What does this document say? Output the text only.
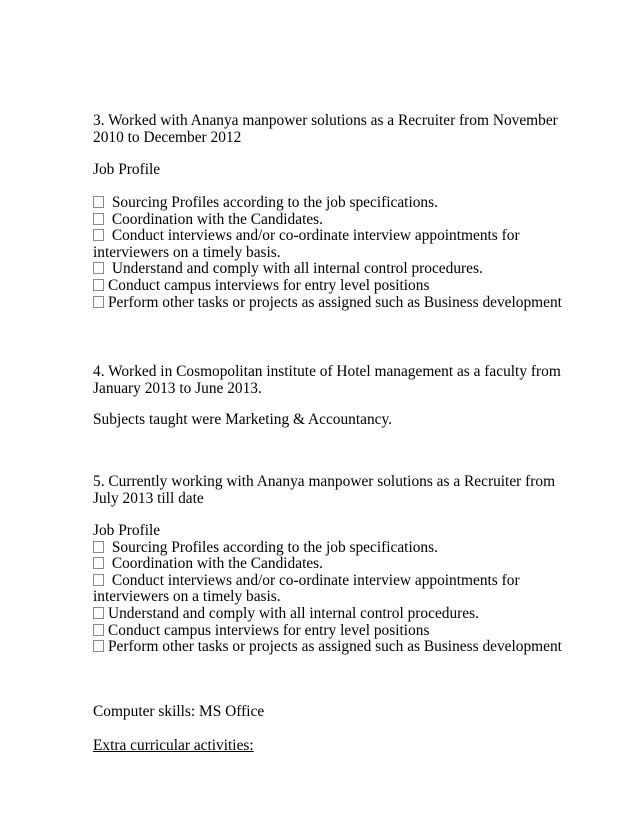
3. Worked with Ananya manpower solutions as a Recruiter from November
2010 to December 2012
Job Profile
Sourcing Profiles according to the job specifications.
Coordination with the Candidates.
Conduct interviews and/or co-ordinate interview appointments for
interviewers on a timely basis.
Understand and comply with all internal control procedures.
Conduct campus interviews for entry level positions
Perform other tasks or projects as assigned such as Business development
4. Worked in Cosmopolitan institute of Hotel management as a faculty from
January 2013 to June 2013.
Subjects taught were Marketing & Accountancy.
5. Currently working with Ananya manpower solutions as a Recruiter from
July 2013 till date
Job Profile
Sourcing Profiles according to the job specifications.
Coordination with the Candidates.
Conduct interviews and/or co-ordinate interview appointments for
interviewers on a timely basis.
Understand and comply with all internal control procedures.
Conduct campus interviews for entry level positions
Perform other tasks or projects as assigned such as Business development
Computer skills: MS Office
Extra curricular activities:
